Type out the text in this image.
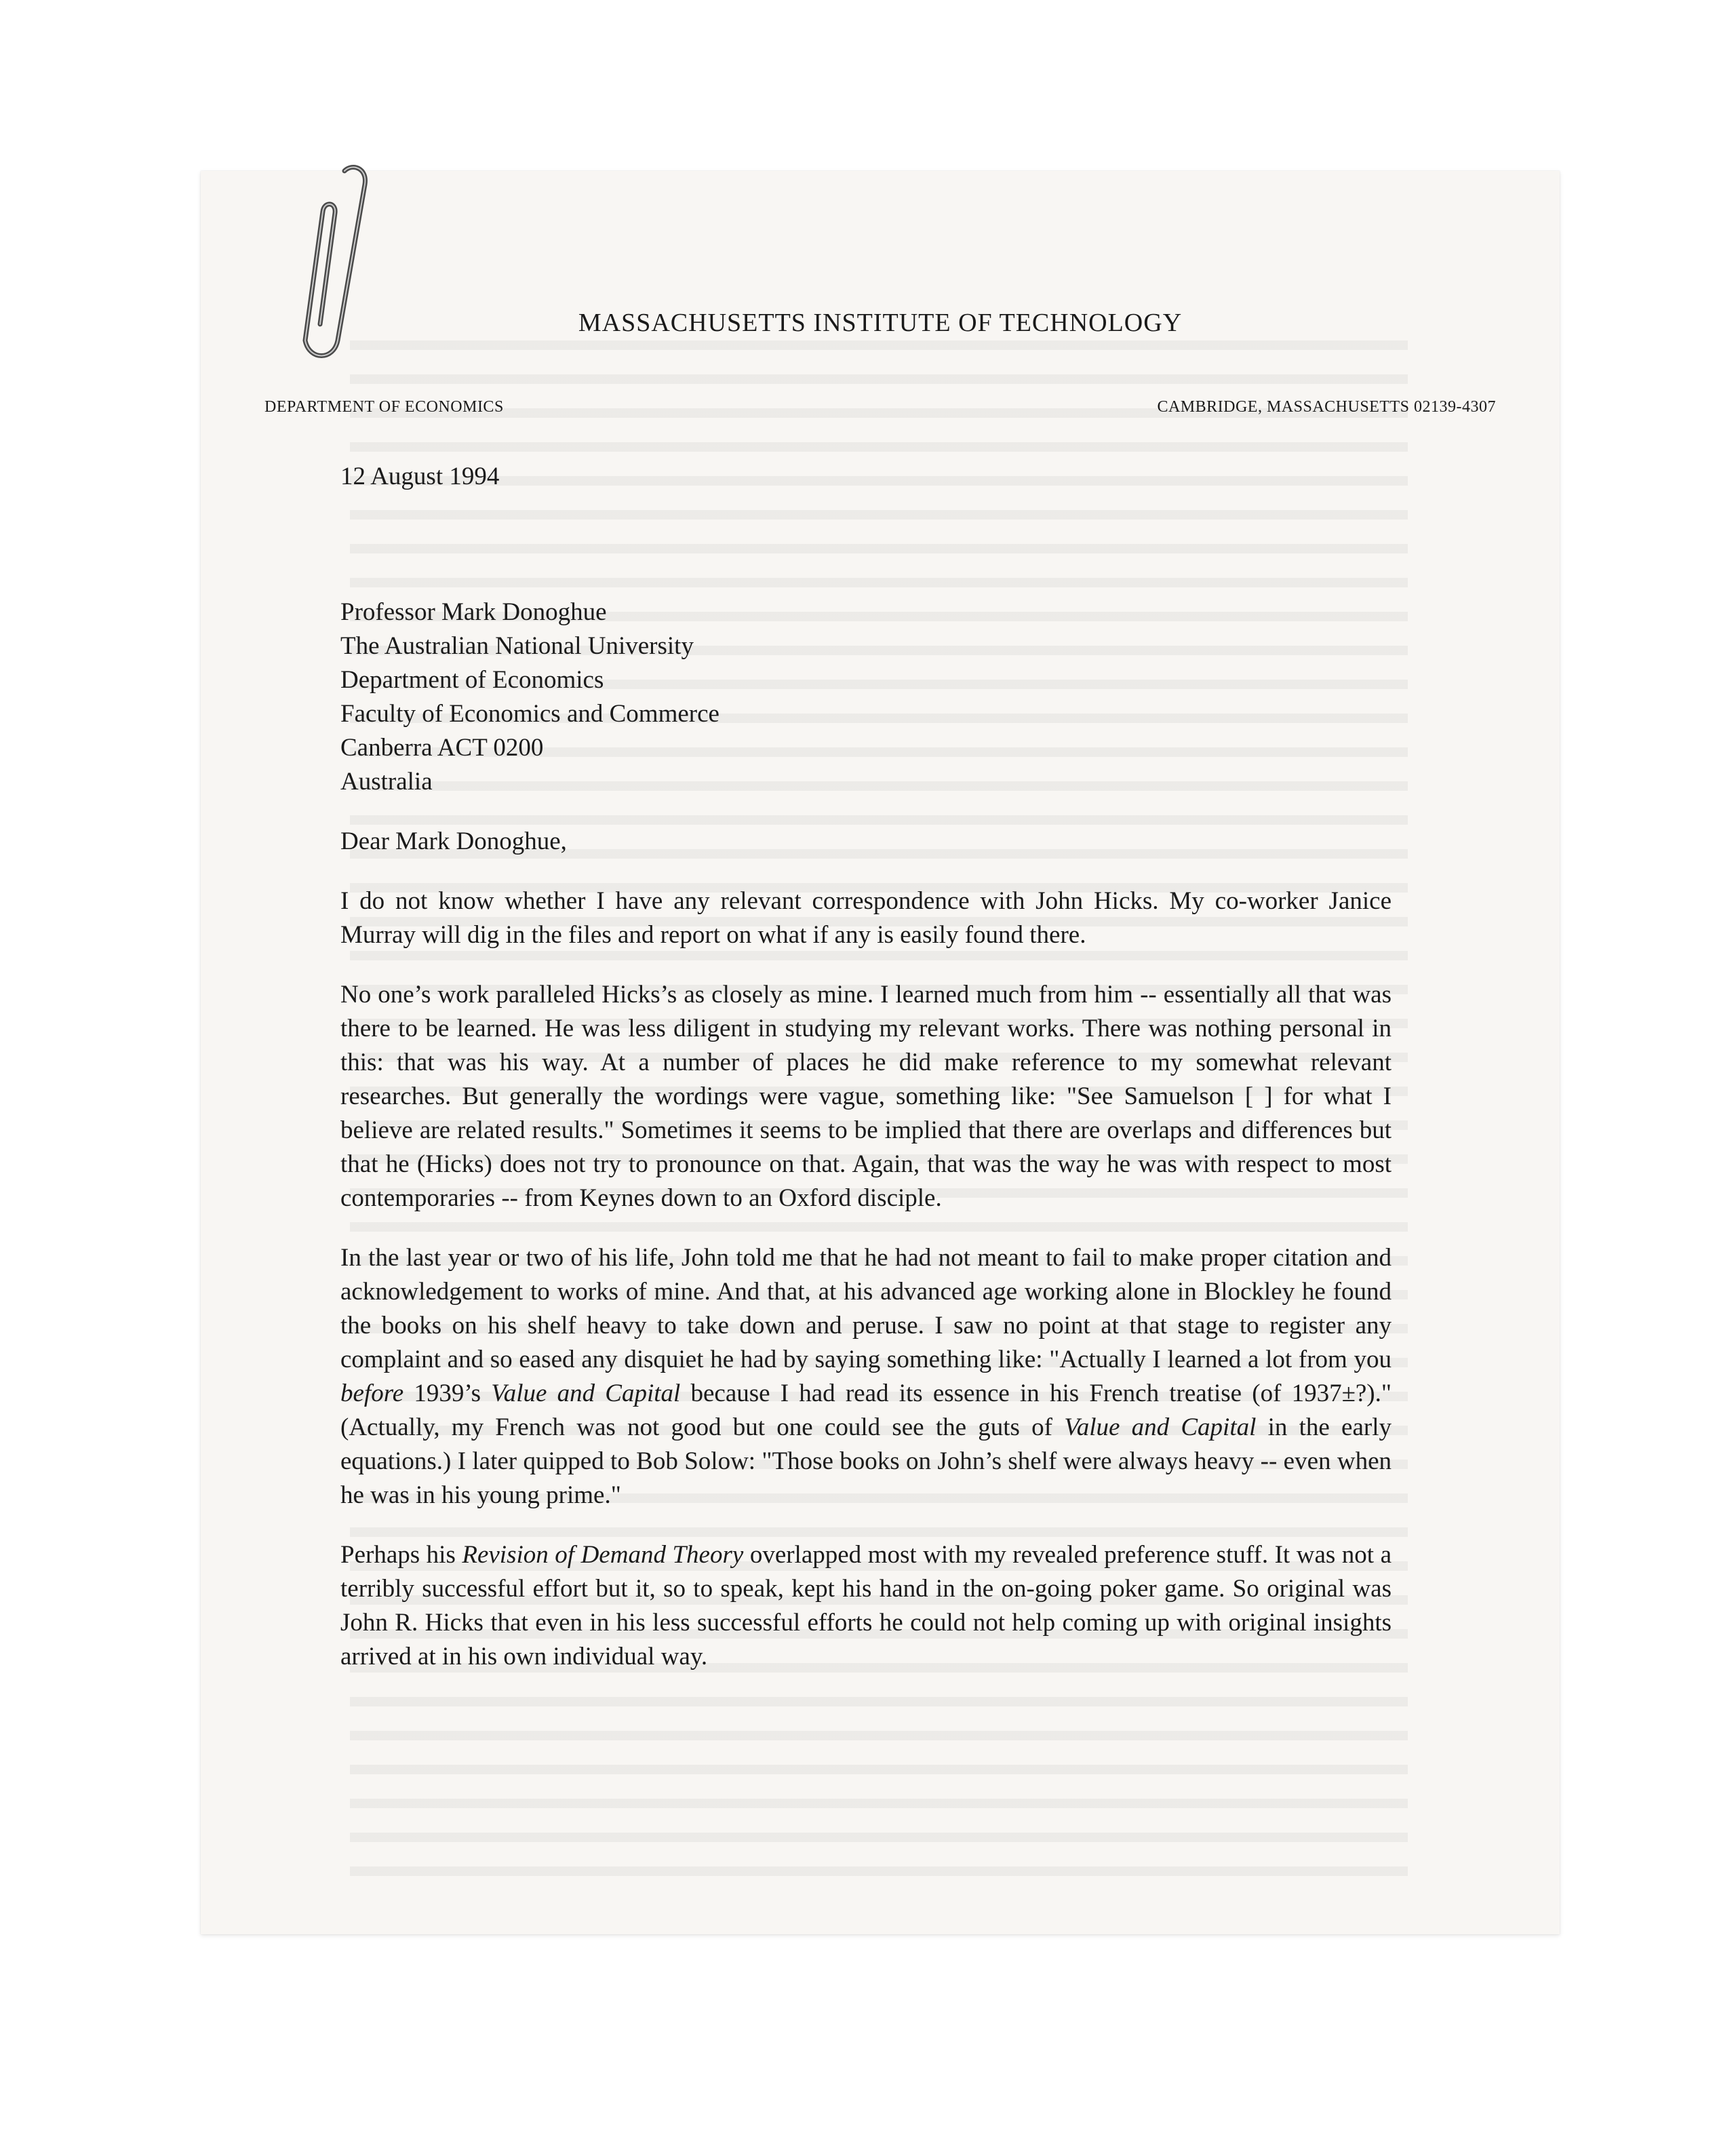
MASSACHUSETTS INSTITUTE OF TECHNOLOGY
DEPARTMENT OF ECONOMICS	CAMBRIDGE, MASSACHUSETTS 02139-4307
12 August 1994
Professor Mark Donoghue
The Australian National University
Department of Economics
Faculty of Economics and Commerce
Canberra ACT 0200
Australia
Dear Mark Donoghue,
I do not know whether I have any relevant correspondence with John Hicks. My co-worker Janice Murray will dig in the files and report on what if any is easily found there.
No one’s work paralleled Hicks’s as closely as mine. I learned much from him -- essentially all that was there to be learned. He was less diligent in studying my relevant works. There was nothing personal in this: that was his way. At a number of places he did make reference to my somewhat relevant researches. But generally the wordings were vague, something like: "See Samuelson [ ] for what I believe are related results." Sometimes it seems to be implied that there are overlaps and differences but that he (Hicks) does not try to pronounce on that. Again, that was the way he was with respect to most contemporaries -- from Keynes down to an Oxford disciple.
In the last year or two of his life, John told me that he had not meant to fail to make proper citation and acknowledgement to works of mine. And that, at his advanced age working alone in Blockley he found the books on his shelf heavy to take down and peruse. I saw no point at that stage to register any complaint and so eased any disquiet he had by saying something like: "Actually I learned a lot from you before 1939’s Value and Capital because I had read its essence in his French treatise (of 1937±?)." (Actually, my French was not good but one could see the guts of Value and Capital in the early equations.) I later quipped to Bob Solow: "Those books on John’s shelf were always heavy -- even when he was in his young prime."
Perhaps his Revision of Demand Theory overlapped most with my revealed preference stuff. It was not a terribly successful effort but it, so to speak, kept his hand in the on-going poker game. So original was John R. Hicks that even in his less successful efforts he could not help coming up with original insights arrived at in his own individual way.
